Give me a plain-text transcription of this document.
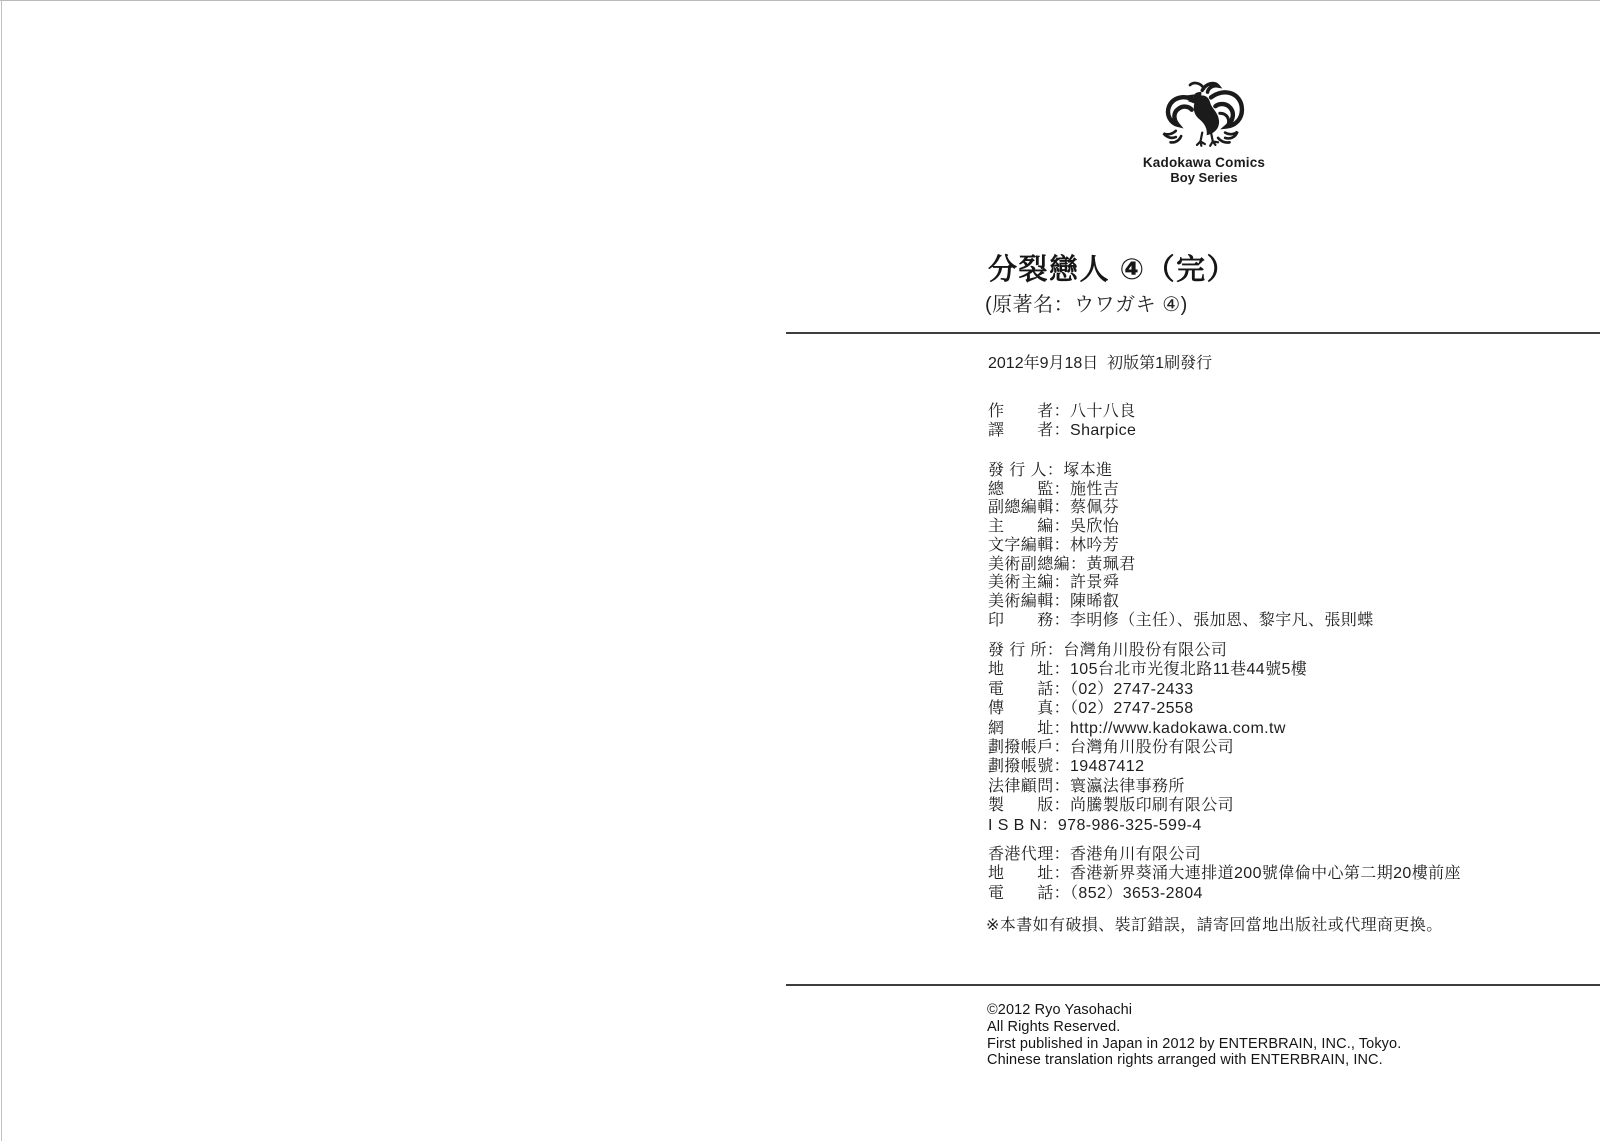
Kadokawa Comics
Boy Series
分裂戀人 ④（完）
(原著名：ウワガキ ④)
2012年9月18日  初版第1刷發行
作　　者：八十八良
譯　　者：Sharpice
發 行 人：塚本進
總　　監：施性吉
副總編輯：蔡佩芬
主　　編：吳欣怡
文字編輯：林吟芳
美術副總編：黃珮君
美術主編：許景舜
美術編輯：陳晞叡
印　　務：李明修（主任）、張加恩、黎宇凡、張則蝶
發 行 所：台灣角川股份有限公司
地　　址：105台北市光復北路11巷44號5樓
電　　話：（02）2747-2433
傳　　真：（02）2747-2558
網　　址：http://www.kadokawa.com.tw
劃撥帳戶：台灣角川股份有限公司
劃撥帳號：19487412
法律顧問：寰瀛法律事務所
製　　版：尚騰製版印刷有限公司
I S B N：978-986-325-599-4
香港代理：香港角川有限公司
地　　址：香港新界葵涌大連排道200號偉倫中心第二期20樓前座
電　　話：（852）3653-2804
※本書如有破損、裝訂錯誤，請寄回當地出版社或代理商更換。
©2012 Ryo Yasohachi
All Rights Reserved.
First published in Japan in 2012 by ENTERBRAIN, INC., Tokyo.
Chinese translation rights arranged with ENTERBRAIN, INC.
